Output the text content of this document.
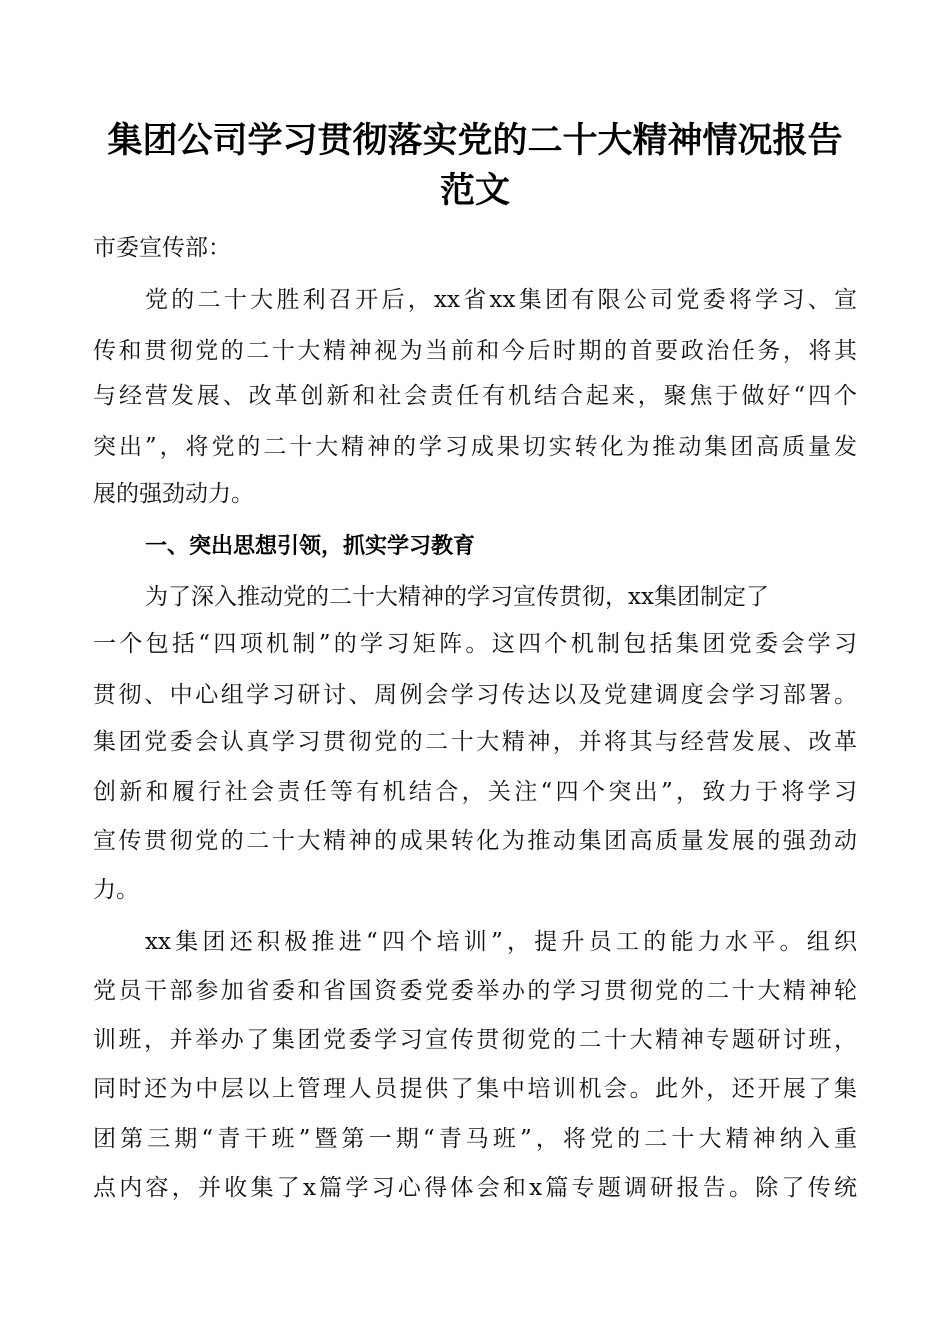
集团公司学习贯彻落实党的二十大精神情况报告
范文

市委宣传部：

党的二十大胜利召开后，xx省xx集团有限公司党委将学习、宣

传和贯彻党的二十大精神视为当前和今后时期的首要政治任务，将其

与经营发展、改革创新和社会责任有机结合起来，聚焦于做好“四个

突出”，将党的二十大精神的学习成果切实转化为推动集团高质量发

展的强劲动力。

一、突出思想引领，抓实学习教育

为了深入推动党的二十大精神的学习宣传贯彻，xx集团制定了

一个包括“四项机制”的学习矩阵。这四个机制包括集团党委会学习

贯彻、中心组学习研讨、周例会学习传达以及党建调度会学习部署。

集团党委会认真学习贯彻党的二十大精神，并将其与经营发展、改革

创新和履行社会责任等有机结合，关注“四个突出”，致力于将学习

宣传贯彻党的二十大精神的成果转化为推动集团高质量发展的强劲动

力。

xx集团还积极推进“四个培训”，提升员工的能力水平。组织

党员干部参加省委和省国资委党委举办的学习贯彻党的二十大精神轮

训班，并举办了集团党委学习宣传贯彻党的二十大精神专题研讨班，

同时还为中层以上管理人员提供了集中培训机会。此外，还开展了集

团第三期“青干班”暨第一期“青马班”，将党的二十大精神纳入重

点内容，并收集了x篇学习心得体会和x篇专题调研报告。除了传统
